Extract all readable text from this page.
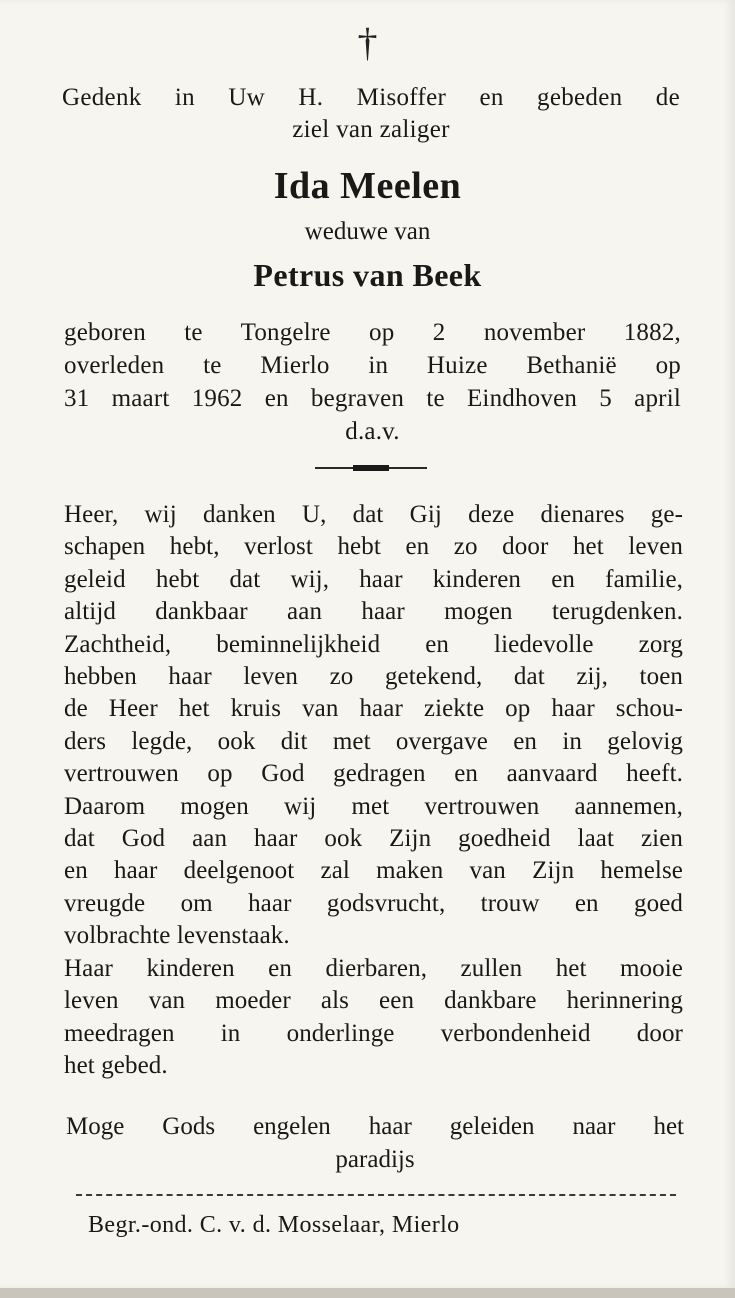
†
Gedenk in Uw H. Misoffer en gebeden de
ziel van zaliger
Ida Meelen
weduwe van
Petrus van Beek
geboren te Tongelre op 2 november 1882,
overleden te Mierlo in Huize Bethanië op
31 maart 1962 en begraven te Eindhoven 5 april
d.a.v.
Heer, wij danken U, dat Gij deze dienares ge-
schapen hebt, verlost hebt en zo door het leven
geleid hebt dat wij, haar kinderen en familie,
altijd dankbaar aan haar mogen terugdenken.
Zachtheid, beminnelijkheid en liedevolle zorg
hebben haar leven zo getekend, dat zij, toen
de Heer het kruis van haar ziekte op haar schou-
ders legde, ook dit met overgave en in gelovig
vertrouwen op God gedragen en aanvaard heeft.
Daarom mogen wij met vertrouwen aannemen,
dat God aan haar ook Zijn goedheid laat zien
en haar deelgenoot zal maken van Zijn hemelse
vreugde om haar godsvrucht, trouw en goed
volbrachte levenstaak.
Haar kinderen en dierbaren, zullen het mooie
leven van moeder als een dankbare herinnering
meedragen in onderlinge verbondenheid door
het gebed.
Moge Gods engelen haar geleiden naar het
paradijs
Begr.-ond. C. v. d. Mosselaar, Mierlo
